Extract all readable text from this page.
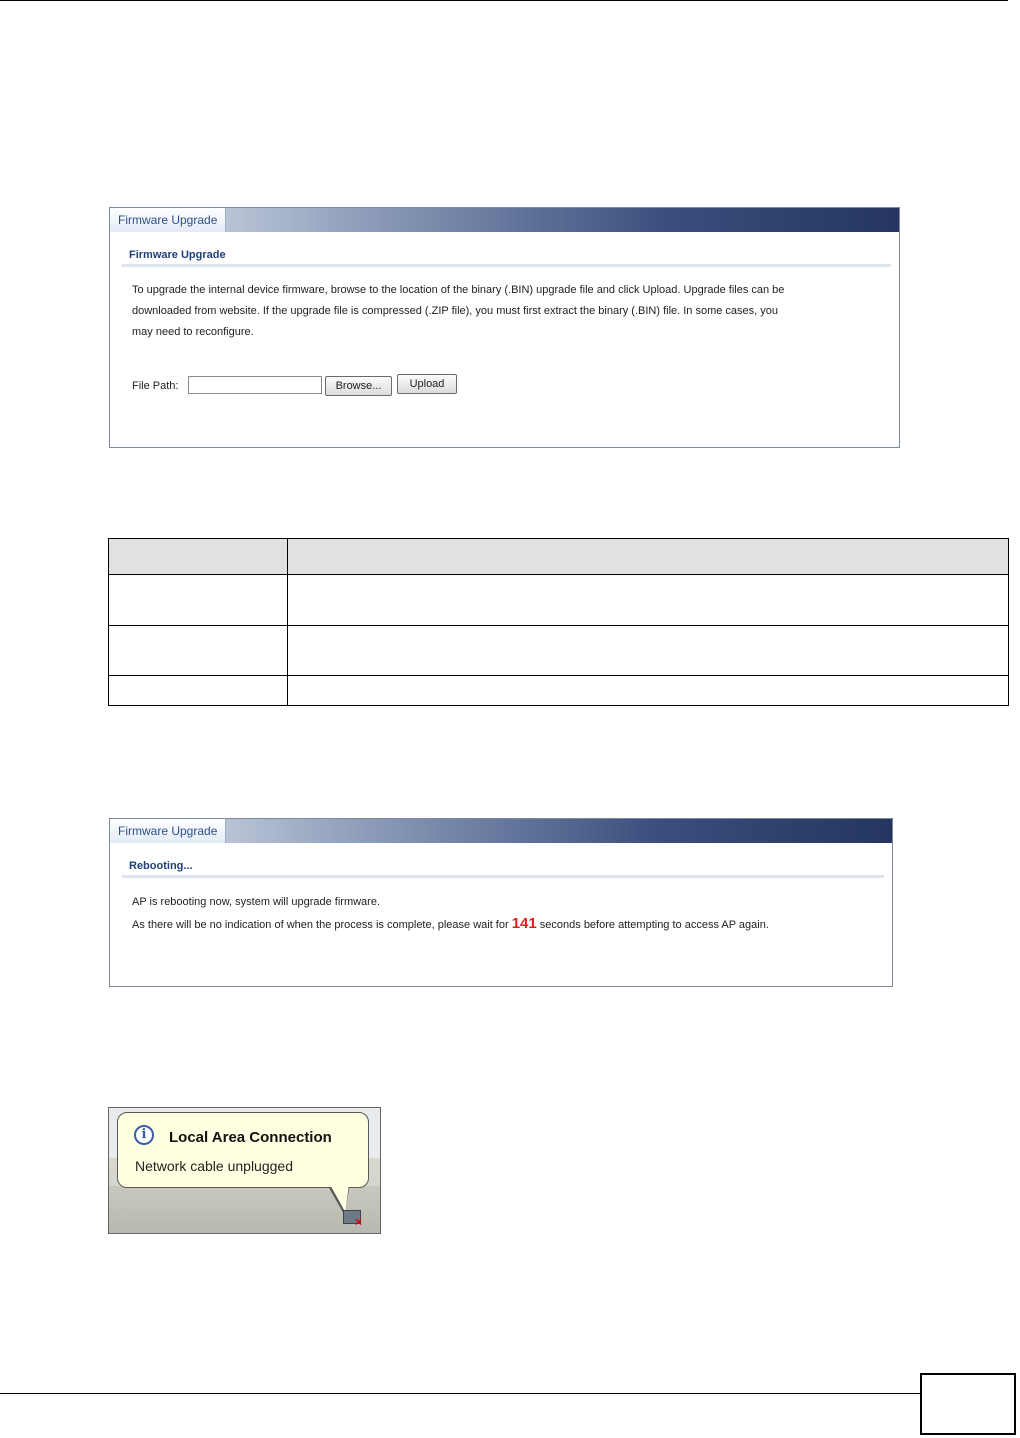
Firmware Upgrade
Firmware Upgrade
To upgrade the internal device firmware, browse to the location of the binary (.BIN) upgrade file and click Upload. Upgrade files can be
downloaded from website. If the upgrade file is compressed (.ZIP file), you must first extract the binary (.BIN) file. In some cases, you
may need to reconfigure.
File Path:	Browse...	Upload

Firmware Upgrade
Rebooting...
AP is rebooting now, system will upgrade firmware.
As there will be no indication of when the process is complete, please wait for 141 seconds before attempting to access AP again.
i	Local Area Connection
Network cable unplugged
×
